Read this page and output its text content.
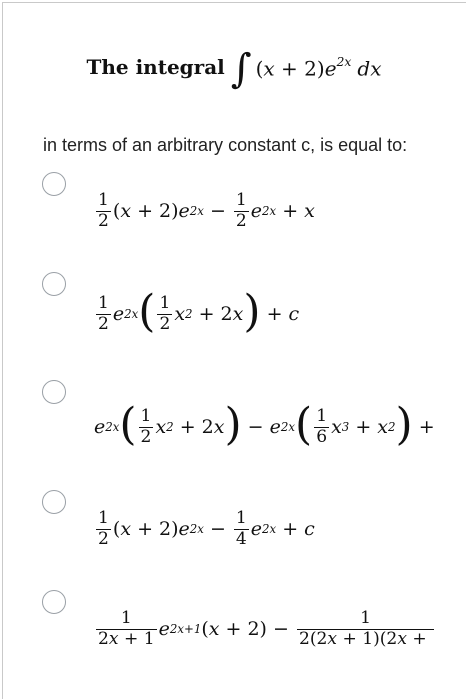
The integral ∫ $(x + 2)e^{2x}$ dx
in terms of an arbitrary constant c, is equal to:
$\frac{1}{2}$ ( x + 2) e $2x - \frac{1}{2}$ e 2x + x
$\frac{1}{2}$ e 2x ( $\frac{1}{2}$ x 2 + 2 x ) + c
e 2x ( $\frac{1}{2}$ x 2 + 2 x ) − e 2x ( $\frac{1}{6}$ x 3 + x 2 ) +
$\frac{1}{2}$ ( x + 2) e $2x - \frac{1}{4}$ e 2x + c
$\frac{1}{2x + 1}$ e 2x+1 ( $x + 2) - \frac{1}{2(2x + 1)(2x +}$
